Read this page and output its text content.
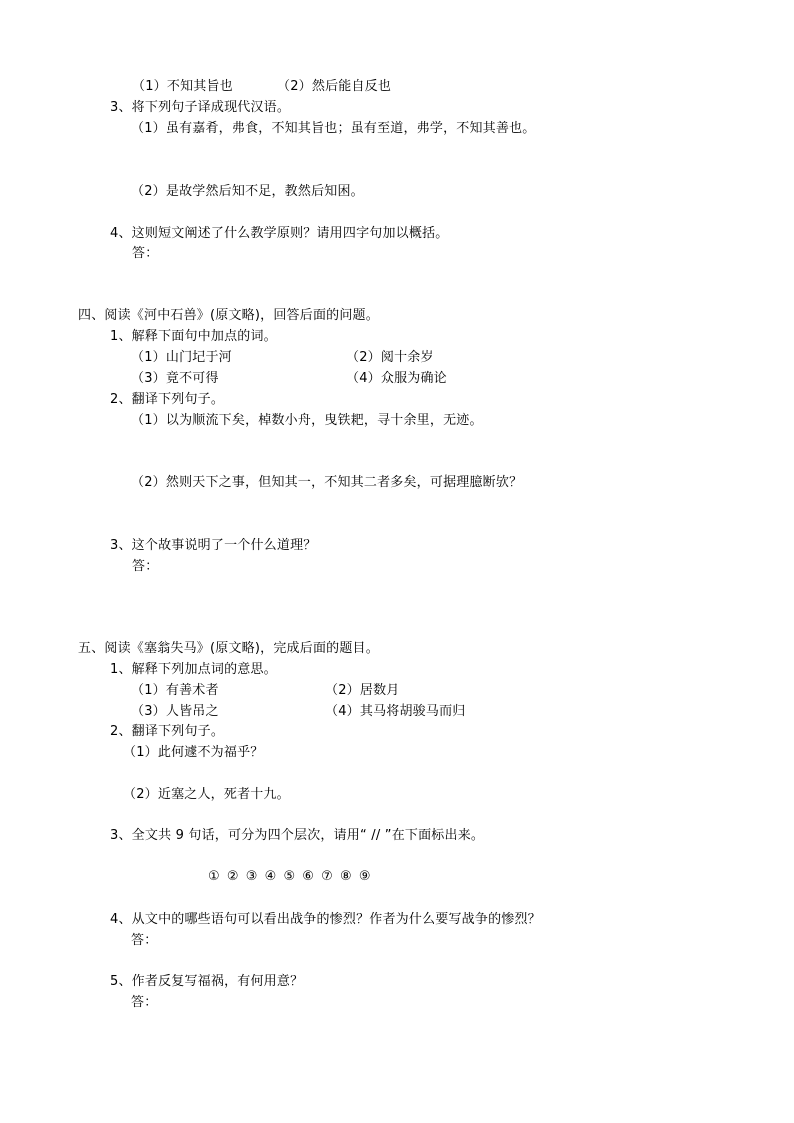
（1）不知其旨也	（2）然后能自反也
3、将下列句子译成现代汉语。
（1）虽有嘉肴，弗食，不知其旨也；虽有至道，弗学，不知其善也。
（2）是故学然后知不足，教然后知困。
4、这则短文阐述了什么教学原则？请用四字句加以概括。
答：
四、阅读《河中石兽》(原文略)，回答后面的问题。
1、解释下面句中加点的词。
（1）山门圮于河	（2）阅十余岁
（3）竟不可得	（4）众服为确论
2、翻译下列句子。
（1）以为顺流下矣，棹数小舟，曳铁耙，寻十余里，无迹。
（2）然则天下之事，但知其一，不知其二者多矣，可据理臆断欤？
3、这个故事说明了一个什么道理？
答：
五、阅读《塞翁失马》(原文略)，完成后面的题目。
1、解释下列加点词的意思。
（1）有善术者	（2）居数月
（3）人皆吊之	（4）其马将胡骏马而归
2、翻译下列句子。
（1）此何遽不为福乎？
（2）近塞之人，死者十九。
3、全文共 9 句话，可分为四个层次，请用“ // ”在下面标出来。
① ② ③ ④ ⑤ ⑥ ⑦ ⑧ ⑨
4、从文中的哪些语句可以看出战争的惨烈？作者为什么要写战争的惨烈？
答：
5、作者反复写福祸，有何用意？
答：
